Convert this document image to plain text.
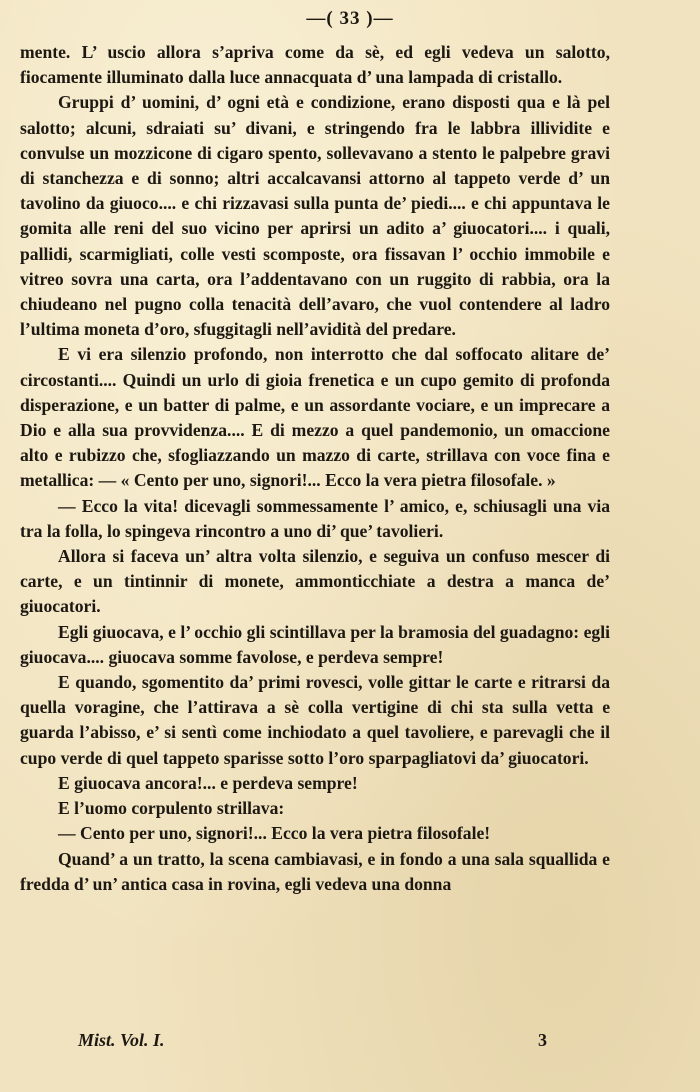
—( 33 )—

mente. L’ uscio allora s’apriva come da sè, ed egli vedeva un salotto, fiocamente illuminato dalla luce annacquata d’ una lampada di cristallo.

Gruppi d’ uomini, d’ ogni età e condizione, erano disposti qua e là pel salotto; alcuni, sdraiati su’ divani, e stringendo fra le labbra illividite e convulse un mozzicone di cigaro spento, sollevavano a stento le palpebre gravi di stanchezza e di sonno; altri accalcavansi attorno al tappeto verde d’ un tavolino da giuoco.... e chi rizzavasi sulla punta de’ piedi.... e chi appuntava le gomita alle reni del suo vicino per aprirsi un adito a’ giuocatori.... i quali, pallidi, scarmigliati, colle vesti scomposte, ora fissavan l’ occhio immobile e vitreo sovra una carta, ora l’addentavano con un ruggito di rabbia, ora la chiudeano nel pugno colla tenacità dell’avaro, che vuol contendere al ladro l’ultima moneta d’oro, sfuggitagli nell’avidità del predare.

E vi era silenzio profondo, non interrotto che dal soffocato alitare de’ circostanti.... Quindi un urlo di gioia frenetica e un cupo gemito di profonda disperazione, e un batter di palme, e un assordante vociare, e un imprecare a Dio e alla sua provvidenza.... E di mezzo a quel pandemonio, un omaccione alto e rubizzo che, sfogliazzando un mazzo di carte, strillava con voce fina e metallica: — « Cento per uno, signori!... Ecco la vera pietra filosofale. »

— Ecco la vita! dicevagli sommessamente l’ amico, e, schiusagli una via tra la folla, lo spingeva rincontro a uno di’ que’ tavolieri.

Allora si faceva un’ altra volta silenzio, e seguiva un confuso mescer di carte, e un tintinnir di monete, ammonticchiate a destra a manca de’ giuocatori.

Egli giuocava, e l’ occhio gli scintillava per la bramosia del guadagno: egli giuocava.... giuocava somme favolose, e perdeva sempre!

E quando, sgomentito da’ primi rovesci, volle gittar le carte e ritrarsi da quella voragine, che l’attirava a sè colla vertigine di chi sta sulla vetta e guarda l’abisso, e’ si sentì come inchiodato a quel tavoliere, e parevagli che il cupo verde di quel tappeto sparisse sotto l’oro sparpagliatovi da’ giuocatori.

E giuocava ancora!... e perdeva sempre!

E l’uomo corpulento strillava:

— Cento per uno, signori!... Ecco la vera pietra filosofale!

Quand’ a un tratto, la scena cambiavasi, e in fondo a una sala squallida e fredda d’ un’ antica casa in rovina, egli vedeva una donna

Mist. Vol. I.	3
